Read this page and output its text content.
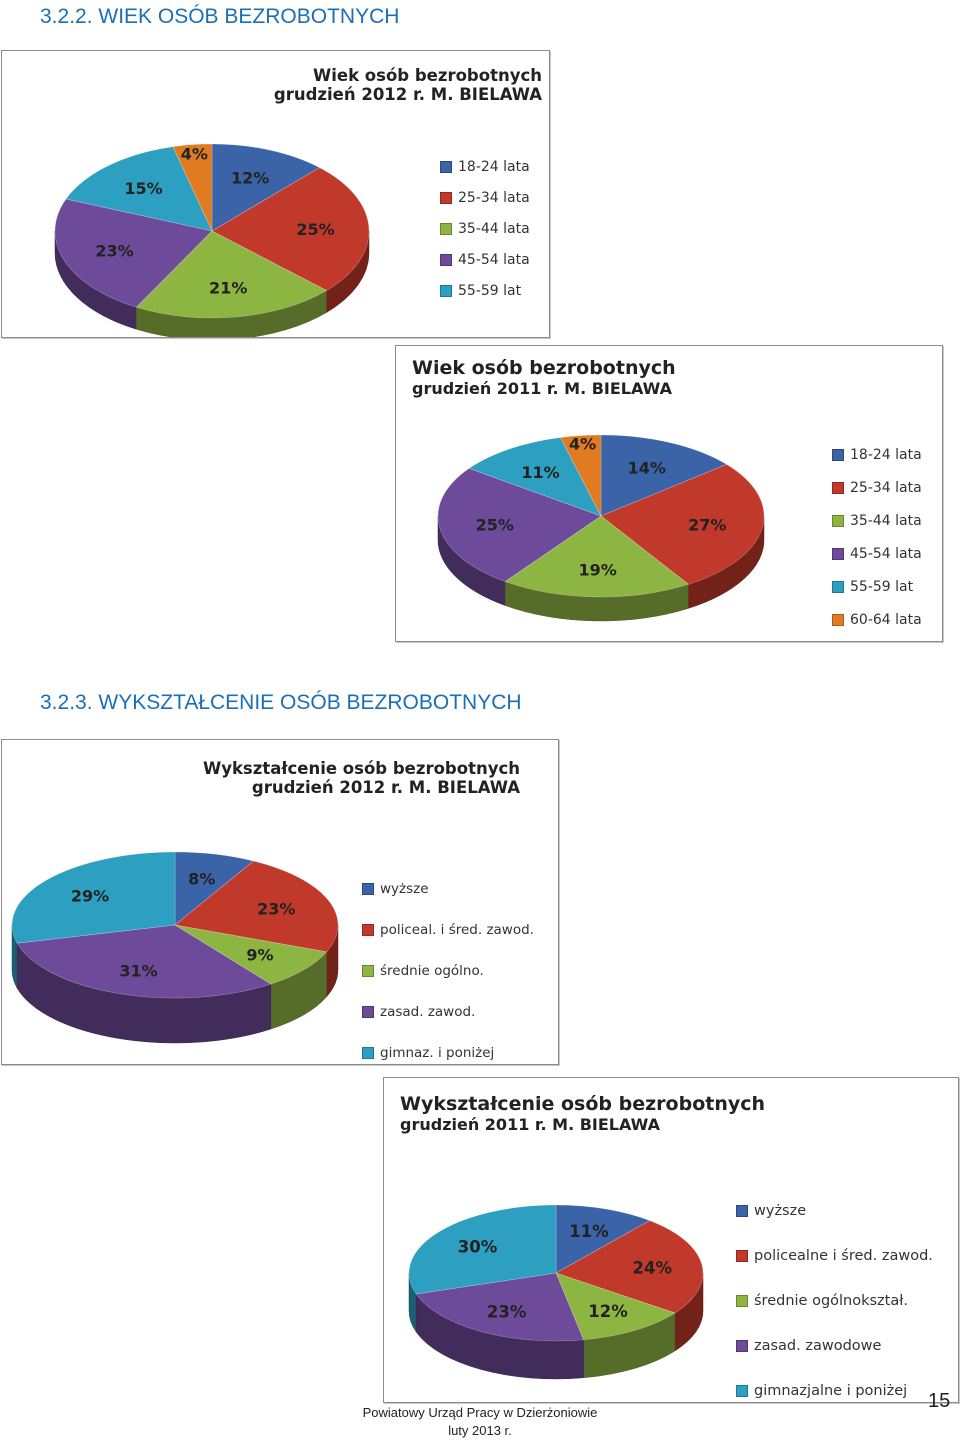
3.2.2. WIEK OSÓB BEZROBOTNYCH
Wiek osób bezrobotnych
grudzień 2012 r. M. BIELAWA
12%
25%
21%
23%
15%
4%
18-24 lata
25-34 lata
35-44 lata
45-54 lata
55-59 lat
Wiek osób bezrobotnych
grudzień 2011 r. M. BIELAWA
14%
27%
19%
25%
11%
4%
18-24 lata
25-34 lata
35-44 lata
45-54 lata
55-59 lat
60-64 lata
3.2.3. WYKSZTAŁCENIE OSÓB BEZROBOTNYCH
Wykształcenie osób bezrobotnych
grudzień 2012 r. M. BIELAWA
8%
23%
9%
31%
29%	wyższe
policeal. i śred. zawod.
średnie ogólno.
zasad. zawod.
gimnaz. i poniżej
Wykształcenie osób bezrobotnych
grudzień 2011 r. M. BIELAWA
11%
24%
12%
23%
30%
wyższe
policealne i śred. zawod.
średnie ogólnokształ.
zasad. zawodowe
gimnazjalne i poniżej
Powiatowy Urząd Pracy w Dzierżoniowie
luty 2013 r.
15
